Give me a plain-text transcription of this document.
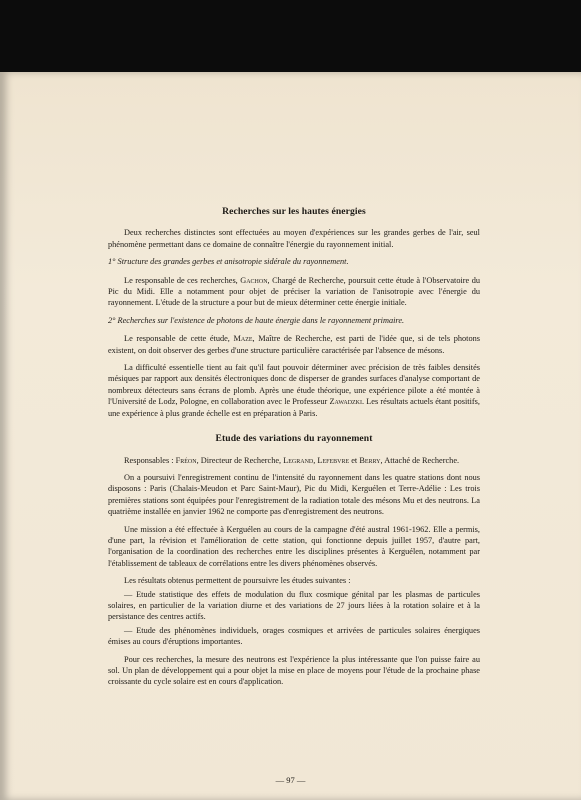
Recherches sur les hautes énergies

Deux recherches distinctes sont effectuées au moyen d'expériences sur les grandes gerbes de l'air, seul phénomène permettant dans ce domaine de connaître l'énergie du rayonnement initial.

1° Structure des grandes gerbes et anisotropie sidérale du rayonnement.

Le responsable de ces recherches, Gachon, Chargé de Recherche, poursuit cette étude à l'Observatoire du Pic du Midi. Elle a notamment pour objet de préciser la variation de l'anisotropie avec l'énergie du rayonnement. L'étude de la structure a pour but de mieux déterminer cette énergie initiale.

2° Recherches sur l'existence de photons de haute énergie dans le rayonnement primaire.

Le responsable de cette étude, Maze, Maître de Recherche, est parti de l'idée que, si de tels photons existent, on doit observer des gerbes d'une structure particulière caractérisée par l'absence de mésons.

La difficulté essentielle tient au fait qu'il faut pouvoir déterminer avec précision de très faibles densités mésiques par rapport aux densités électroniques donc de disperser de grandes surfaces d'analyse comportant de nombreux détecteurs sans écrans de plomb. Après une étude théorique, une expérience pilote a été montée à l'Université de Lodz, Pologne, en collaboration avec le Professeur Zawadzki. Les résultats actuels étant positifs, une expérience à plus grande échelle est en préparation à Paris.

Etude des variations du rayonnement

Responsables : Fréon, Directeur de Recherche, Legrand, Lefebvre et Berry, Attaché de Recherche.

On a poursuivi l'enregistrement continu de l'intensité du rayonnement dans les quatre stations dont nous disposons : Paris (Chalais-Meudon et Parc Saint-Maur), Pic du Midi, Kerguélen et Terre-Adélie : Les trois premières stations sont équipées pour l'enregistrement de la radiation totale des mésons Mu et des neutrons. La quatrième installée en janvier 1962 ne comporte pas d'enregistrement des neutrons.

Une mission a été effectuée à Kerguélen au cours de la campagne d'été austral 1961-1962. Elle a permis, d'une part, la révision et l'amélioration de cette station, qui fonctionne depuis juillet 1957, d'autre part, l'organisation de la coordination des recherches entre les disciplines présentes à Kerguélen, notamment par l'établissement de tableaux de corrélations entre les divers phénomènes observés.

Les résultats obtenus permettent de poursuivre les études suivantes :

— Etude statistique des effets de modulation du flux cosmique génital par les plasmas de particules solaires, en particulier de la variation diurne et des variations de 27 jours liées à la rotation solaire et à la persistance des centres actifs.

— Etude des phénomènes individuels, orages cosmiques et arrivées de particules solaires énergiques émises au cours d'éruptions importantes.

Pour ces recherches, la mesure des neutrons est l'expérience la plus intéressante que l'on puisse faire au sol. Un plan de développement qui a pour objet la mise en place de moyens pour l'étude de la prochaine phase croissante du cycle solaire est en cours d'application.

— 97 —
